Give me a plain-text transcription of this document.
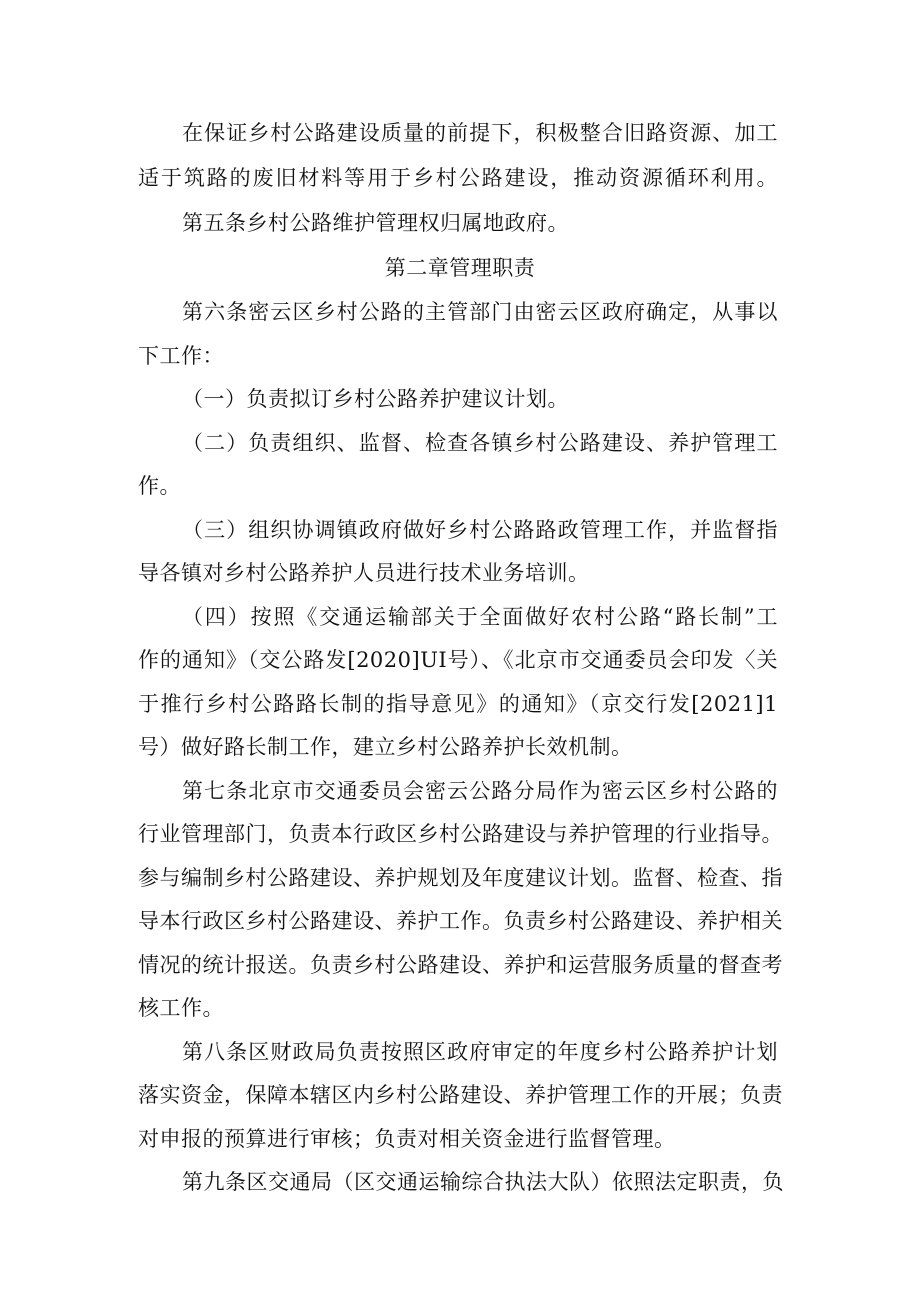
在保证乡村公路建设质量的前提下，积极整合旧路资源、加工
适于筑路的废旧材料等用于乡村公路建设，推动资源循环利用。
第五条乡村公路维护管理权归属地政府。
第二章管理职责
第六条密云区乡村公路的主管部门由密云区政府确定，从事以
下工作：
（一）负责拟订乡村公路养护建议计划。
（二）负责组织、监督、检查各镇乡村公路建设、养护管理工
作。
（三）组织协调镇政府做好乡村公路路政管理工作，并监督指
导各镇对乡村公路养护人员进行技术业务培训。
（四）按照《交通运输部关于全面做好农村公路“路长制”工
作的通知》（交公路发[2020]UI号）、《北京市交通委员会印发〈关
于推行乡村公路路长制的指导意见》的通知》（京交行发[2021]1
号）做好路长制工作，建立乡村公路养护长效机制。
第七条北京市交通委员会密云公路分局作为密云区乡村公路的
行业管理部门，负责本行政区乡村公路建设与养护管理的行业指导。
参与编制乡村公路建设、养护规划及年度建议计划。监督、检查、指
导本行政区乡村公路建设、养护工作。负责乡村公路建设、养护相关
情况的统计报送。负责乡村公路建设、养护和运营服务质量的督查考
核工作。
第八条区财政局负责按照区政府审定的年度乡村公路养护计划
落实资金，保障本辖区内乡村公路建设、养护管理工作的开展；负责
对申报的预算进行审核；负责对相关资金进行监督管理。
第九条区交通局（区交通运输综合执法大队）依照法定职责，负
